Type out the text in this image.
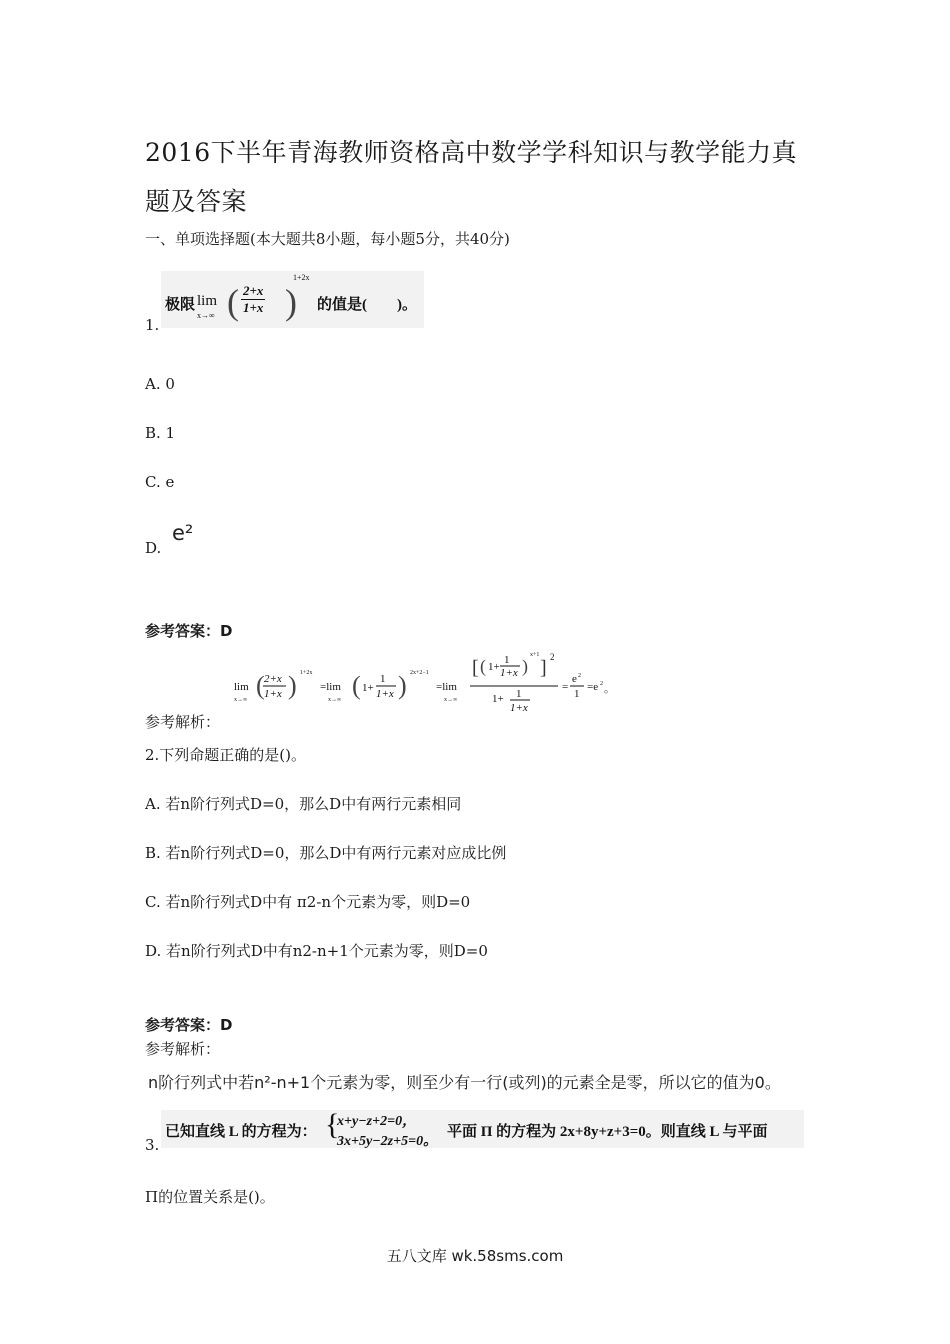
2016下半年青海教师资格高中数学学科知识与教学能力真
题及答案
一、单项选择题(本大题共8小题，每小题5分，共40分)
1.
极限 lim
x→∞ ( $\frac{2+x}{1+x}$ )
1+2x
的值是(　　)。
A. 0
B. 1
C. e
D.
e²
参考答案：D
lim
x→∞ ( 2+x
1+x ) 1+2x
=lim
x→∞ ( 1+
1
1+x ) 2x+2−1
=lim
x→∞
[ ( 1+
1
1+x )
x+1
] 2
1+ 1
1+x
=
e 2
1
=e 2 。
参考解析：
2.下列命题正确的是()。
A. 若n阶行列式D=0，那么D中有两行元素相同
B. 若n阶行列式D=0，那么D中有两行元素对应成比例
C. 若n阶行列式D中有 π2-n个元素为零，则D=0
D. 若n阶行列式D中有n2-n+1个元素为零，则D=0
参考答案：D
参考解析：
n阶行列式中若n²-n+1个元素为零，则至少有一行(或列)的元素全是零，所以它的值为0。
3.
已知直线 L 的方程为： {
x+y−z+2=0，
3x+5y−2z+5=0。
平面 Π 的方程为 2x+8y+z+3=0。则直线 L 与平面
Π的位置关系是()。
五八文库 wk.58sms.com
